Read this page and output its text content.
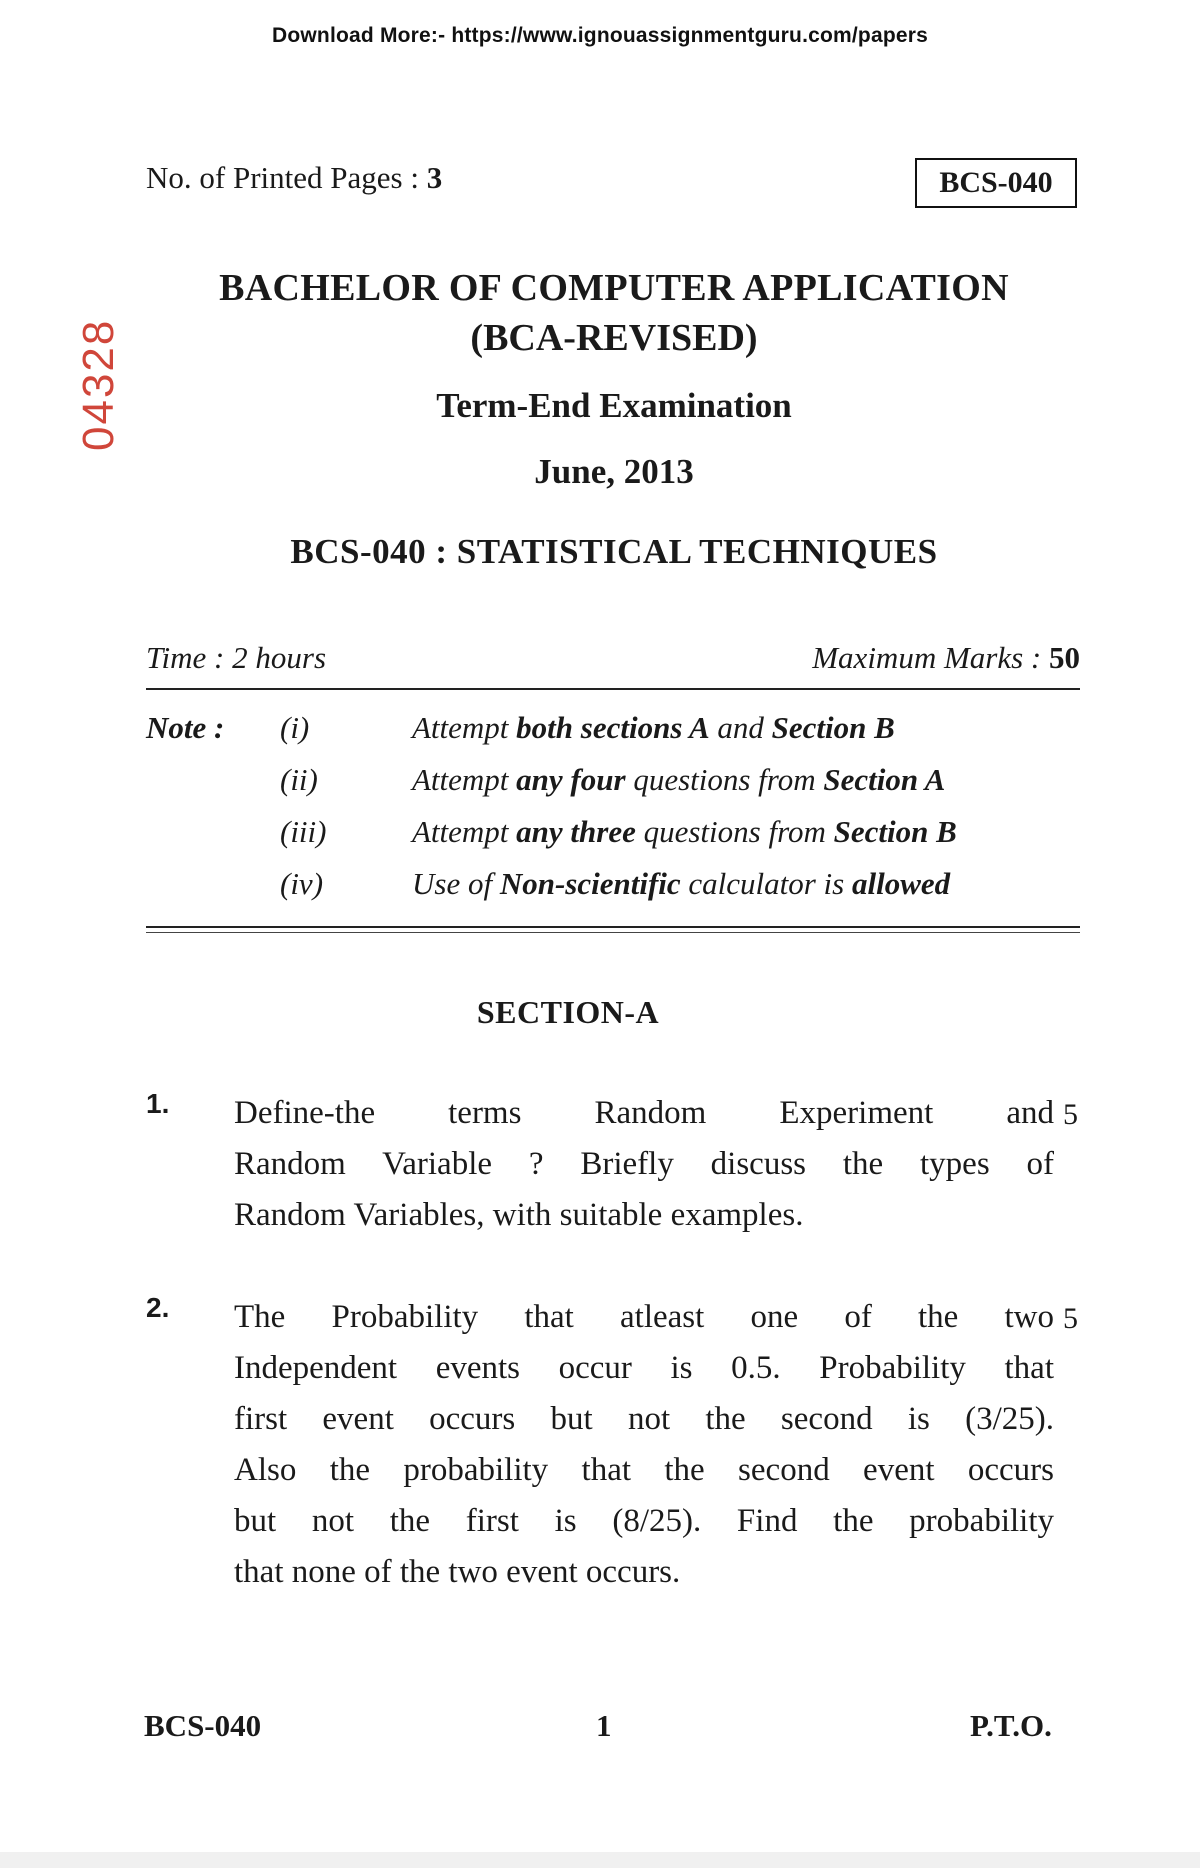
Download More:- https://www.ignouassignmentguru.com/papers
No. of Printed Pages : 3	BCS-040
04328
BACHELOR OF COMPUTER APPLICATION
(BCA-REVISED)
Term-End Examination
June, 2013
BCS-040 : STATISTICAL TECHNIQUES
Time : 2 hours	Maximum Marks : 50
Note : (i)	Attempt both sections A and Section B
(ii)	Attempt any four questions from Section A
(iii)	Attempt any three questions from Section B
(iv)	Use of Non-scientific calculator is allowed
SECTION-A
1. Define-the terms Random Experiment and
Random Variable ? Briefly discuss the types of
Random Variables, with suitable examples.
5
2. The Probability that atleast one of the two
Independent events occur is 0.5. Probability that
first event occurs but not the second is (3/25).
Also the probability that the second event occurs
but not the first is (8/25). Find the probability
that none of the two event occurs.
5
BCS-040	1	P.T.O.
